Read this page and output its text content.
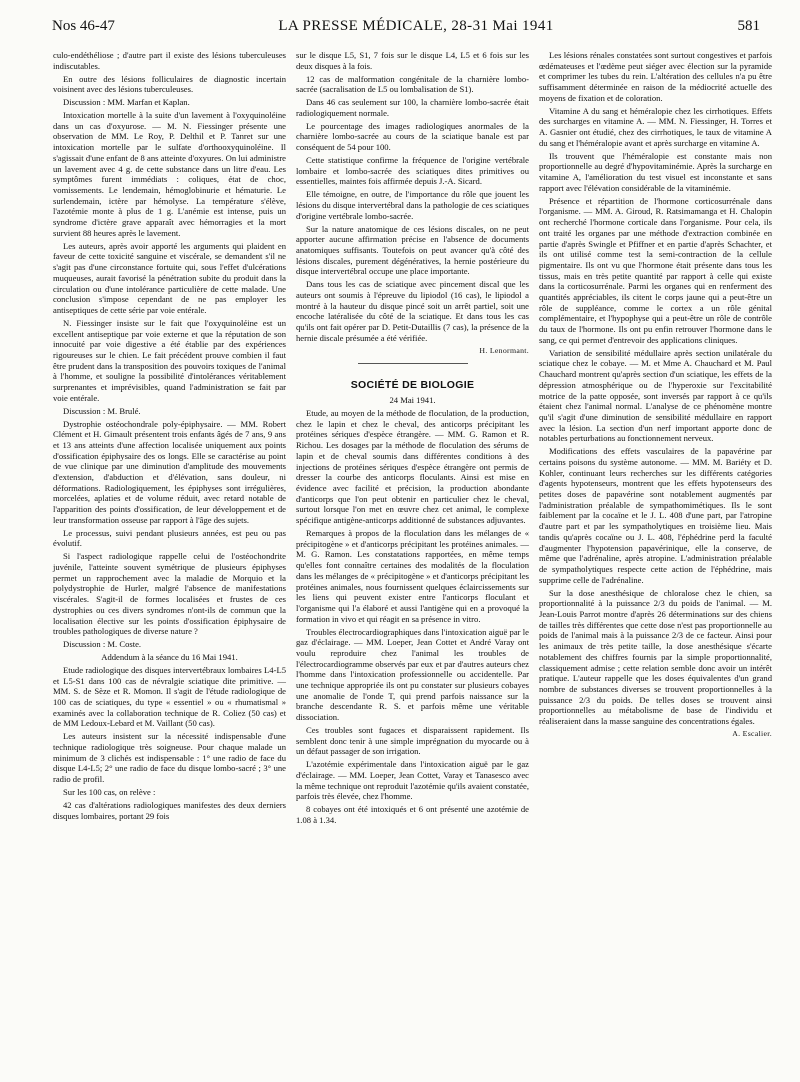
Nos 46-47	LA PRESSE MÉDICALE, 28-31 Mai 1941	581

culo-endéthéliose ; d'autre part il existe des lésions tuberculeuses indiscutables.

En outre des lésions folliculaires de diagnostic incertain voisinent avec des lésions tuberculeuses.

Discussion : MM. Marfan et Kaplan.

Intoxication mortelle à la suite d'un lavement à l'oxyquinoléine dans un cas d'oxyurose. — M. N. Fiessinger présente une observation de MM. Le Roy, P. Delthil et P. Tanret sur une intoxication mortelle par le sulfate d'orthooxyquinoléine. Il s'agissait d'une enfant de 8 ans atteinte d'oxyures. On lui administre un lavement avec 4 g. de cette substance dans un litre d'eau. Les symptômes furent immédiats : coliques, état de choc, vomissements. Le lendemain, hémoglobinurie et hématurie. Le surlendemain, ictère par hémolyse. La température s'élève, l'azotémie monte à plus de 1 g. L'anémie est intense, puis un syndrome d'ictère grave apparaît avec hémorragies et la mort survient 88 heures après le lavement.

Les auteurs, après avoir apporté les arguments qui plaident en faveur de cette toxicité sanguine et viscérale, se demandent s'il ne s'agit pas d'une circonstance fortuite qui, sous l'effet d'ulcérations muqueuses, aurait favorisé la pénétration subite du produit dans la circulation ou d'une intolérance particulière de cette malade. Une conclusion s'impose cependant de ne pas employer les antiseptiques de cette série par voie entérale.

N. Fiessinger insiste sur le fait que l'oxyquinoléine est un excellent antiseptique par voie externe et que la réputation de son innocuité par voie digestive a été établie par des expériences rigoureuses sur le chien. Le fait précédent prouve combien il faut être prudent dans la transposition des pouvoirs toxiques de l'animal à l'homme, et souligne la possibilité d'intolérances véritablement surprenantes et imprévisibles, quand l'administration se fait par voie entérale.

Discussion : M. Brulé.

Dystrophie ostéochondrale poly-épiphysaire. — MM. Robert Clément et H. Gimault présentent trois enfants âgés de 7 ans, 9 ans et 13 ans atteints d'une affection localisée uniquement aux points d'ossification épiphysaire des os longs. Elle se caractérise au point de vue clinique par une diminution d'amplitude des mouvements d'extension, d'abduction et d'élévation, sans douleur, ni déformations. Radiologiquement, les épiphyses sont irrégulières, morcelées, aplaties et de volume réduit, avec retard notable de l'apparition des points d'ossification, de leur développement et de leur transformation osseuse par rapport à l'âge des sujets.

Le processus, suivi pendant plusieurs années, est peu ou pas évolutif.

Si l'aspect radiologique rappelle celui de l'ostéochondrite juvénile, l'atteinte souvent symétrique de plusieurs épiphyses permet un rapprochement avec la maladie de Morquio et la polydystrophie de Hurler, malgré l'absence de manifestations viscérales. S'agit-il de formes localisées et frustes de ces dystrophies ou ces divers syndromes n'ont-ils de commun que la localisation élective sur les points d'ossification épiphysaire de troubles pathologiques de diverse nature ?

Discussion : M. Coste.

Addendum à la séance du 16 Mai 1941.

Etude radiologique des disques intervertébraux lombaires L4-L5 et L5-S1 dans 100 cas de névralgie sciatique dite primitive. — MM. S. de Sèze et R. Momon. Il s'agit de l'étude radiologique de 100 cas de sciatiques, du type « essentiel » ou « rhumatismal » examinés avec la collaboration technique de R. Coliez (50 cas) et de MM Ledoux-Lebard et M. Vaillant (50 cas).

Les auteurs insistent sur la nécessité indispensable d'une technique radiologique très soigneuse. Pour chaque malade un minimum de 3 clichés est indispensable : 1° une radio de face du disque L4-L5; 2° une radio de face du disque lombo-sacré ; 3° une radio de profil.

Sur les 100 cas, on relève :

42 cas d'altérations radiologiques manifestes des deux derniers disques lombaires, portant 29 fois

sur le disque L5, S1, 7 fois sur le disque L4, L5 et 6 fois sur les deux disques à la fois.

12 cas de malformation congénitale de la charnière lombo-sacrée (sacralisation de L5 ou lombalisation de S1).

Dans 46 cas seulement sur 100, la charnière lombo-sacrée était radiologiquement normale.

Le pourcentage des images radiologiques anormales de la charnière lombo-sacrée au cours de la sciatique banale est par conséquent de 54 pour 100.

Cette statistique confirme la fréquence de l'origine vertébrale lombaire et lombo-sacrée des sciatiques dites primitives ou essentielles, maintes fois affirmée depuis J.-A. Sicard.

Elle témoigne, en outre, de l'importance du rôle que jouent les lésions du disque intervertébral dans la pathologie de ces sciatiques d'origine vertébrale lombo-sacrée.

Sur la nature anatomique de ces lésions discales, on ne peut apporter aucune affirmation précise en l'absence de documents anatomiques suffisants. Toutefois on peut avancer qu'à côté des lésions discales, purement dégénératives, la hernie postérieure du disque intervertébral occupe une place importante.

Dans tous les cas de sciatique avec pincement discal que les auteurs ont soumis à l'épreuve du lipiodol (16 cas), le lipiodol a montré à la hauteur du disque pincé soit un arrêt partiel, soit une encoche latéralisée du côté de la sciatique. Et dans tous les cas qu'ils ont fait opérer par D. Petit-Dutaillis (7 cas), la présence de la hernie discale présumée a été vérifiée.

H. Lenormant.

SOCIÉTÉ DE BIOLOGIE

24 Mai 1941.

Etude, au moyen de la méthode de floculation, de la production, chez le lapin et chez le cheval, des anticorps précipitant les protéines sériques d'espèce étrangère. — MM. G. Ramon et R. Richou. Les dosages par la méthode de floculation des sérums de lapin et de cheval soumis dans différentes conditions à des injections de protéines sériques d'espèce étrangère ont permis de dresser la courbe des anticorps floculants. Ainsi est mise en évidence avec facilité et précision, la production abondante d'anticorps que l'on peut obtenir en particulier chez le cheval, surtout lorsque l'on met en œuvre chez cet animal, le complexe spécifique antigène-anticorps additionné de substances adjuvantes.

Remarques à propos de la floculation dans les mélanges de « précipitogène » et d'anticorps précipitant les protéines animales. — M. G. Ramon. Les constatations rapportées, en même temps qu'elles font connaître certaines des modalités de la floculation dans les mélanges de « précipitogène » et d'anticorps précipitant les protéines animales, nous fournissent quelques éclaircissements sur les liens qui peuvent exister entre l'anticorps floculant et l'organisme qui l'a élaboré et aussi l'antigène qui en a provoqué la formation in vivo et qui réagit en sa présence in vitro.

Troubles électrocardiographiques dans l'intoxication aiguë par le gaz d'éclairage. — MM. Loeper, Jean Cottet et André Varay ont voulu reproduire chez l'animal les troubles de l'électrocardiogramme observés par eux et par d'autres auteurs chez l'homme dans l'intoxication professionnelle ou accidentelle. Par une technique appropriée ils ont pu constater sur plusieurs cobayes une anomalie de l'onde T, qui prend parfois naissance sur la branche descendante R. S. et parfois même une véritable dissociation.

Ces troubles sont fugaces et disparaissent rapidement. Ils semblent donc tenir à une simple imprégnation du myocarde ou à un défaut passager de son irrigation.

L'azotémie expérimentale dans l'intoxication aiguë par le gaz d'éclairage. — MM. Loeper, Jean Cottet, Varay et Tanasesco avec la même technique ont reproduit l'azotémie qu'ils avaient constatée, parfois très élevée, chez l'homme.

8 cobayes ont été intoxiqués et 6 ont présenté une azotémie de 1.08 à 1.34.

Les lésions rénales constatées sont surtout congestives et parfois œdémateuses et l'œdème peut siéger avec élection sur la pyramide et comprimer les tubes du rein. L'altération des cellules n'a pu être suffisamment déterminée en raison de la médiocrité actuelle des moyens de fixation et de coloration.

Vitamine A du sang et héméralopie chez les cirrhotiques. Effets des surcharges en vitamine A. — MM. N. Fiessinger, H. Torres et A. Gasnier ont étudié, chez des cirrhotiques, le taux de vitamine A du sang et l'héméralopie avant et après surcharge en vitamine A.

Ils trouvent que l'héméralopie est constante mais non proportionnelle au degré d'hypovitaminémie. Après la surcharge en vitamine A, l'amélioration du test visuel est inconstante et sans rapport avec l'élévation considérable de la vitaminémie.

Présence et répartition de l'hormone corticosurrénale dans l'organisme. — MM. A. Giroud, R. Ratsimamanga et H. Chalopin ont recherché l'hormone corticale dans l'organisme. Pour cela, ils ont traité les organes par une méthode d'extraction combinée en partie d'après Swingle et Pfiffner et en partie d'après Schachter, et ils ont utilisé comme test la semi-contraction de la cellule pigmentaire. Ils ont vu que l'hormone était présente dans tous les tissus, mais en très petite quantité par rapport à celle qui existe dans la corticosurrénale. Parmi les organes qui en renferment des quantités appréciables, ils citent le corps jaune qui a peut-être un rôle de suppléance, comme le cortex a un rôle génital complémentaire, et l'hypophyse qui a peut-être un rôle de contrôle du taux de l'hormone. Ils ont pu enfin retrouver l'hormone dans le sang, ce qui permet d'entrevoir des applications cliniques.

Variation de sensibilité médullaire après section unilatérale du sciatique chez le cobaye. — M. et Mme A. Chauchard et M. Paul Chauchard montrent qu'après section d'un sciatique, les effets de la dépression atmosphérique ou de l'hyperoxie sur l'excitabilité motrice de la patte opposée, sont inversés par rapport à ce qu'ils étaient chez l'animal normal. L'analyse de ce phénomène montre qu'il s'agit d'une diminution de sensibilité médullaire en rapport avec la lésion. La section d'un nerf important apporte donc de notables perturbations au fonctionnement nerveux.

Modifications des effets vasculaires de la papavérine par certains poisons du système autonome. — MM. M. Bariéty et D. Kohler, continuant leurs recherches sur les différents catégories d'agents hypotenseurs, montrent que les effets hypotenseurs des petites doses de papavérine sont notablement augmentés par l'administration préalable de sympathomimétiques. Ils le sont faiblement par la cocaïne et le J. L. 408 d'une part, par l'atropine d'autre part et par les sympatholytiques en troisième lieu. Mais tandis qu'après cocaïne ou J. L. 408, l'éphédrine perd la faculté d'augmenter l'hypotension papavérinique, elle la conserve, de même que l'adrénaline, après atropine. L'administration préalable de sympatholytiques respecte cette action de l'éphédrine, mais supprime celle de l'adrénaline.

Sur la dose anesthésique de chloralose chez le chien, sa proportionnalité à la puissance 2/3 du poids de l'animal. — M. Jean-Louis Parrot montre d'après 26 déterminations sur des chiens de tailles très différentes que cette dose n'est pas proportionnelle au poids de l'animal mais à la puissance 2/3 de ce facteur. Ainsi pour les animaux de très petite taille, la dose anesthésique s'écarte notablement des chiffres fournis par la simple proportionnalité, classiquement admise ; cette relation semble donc avoir un intérêt pratique. L'auteur rappelle que les doses équivalentes d'un grand nombre de substances diverses se trouvent proportionnelles à la puissance 2/3 du poids. De telles doses se trouvent ainsi proportionnelles au métabolisme de base de l'individu et réaliseraient dans la masse sanguine des concentrations égales.

A. Escalier.
